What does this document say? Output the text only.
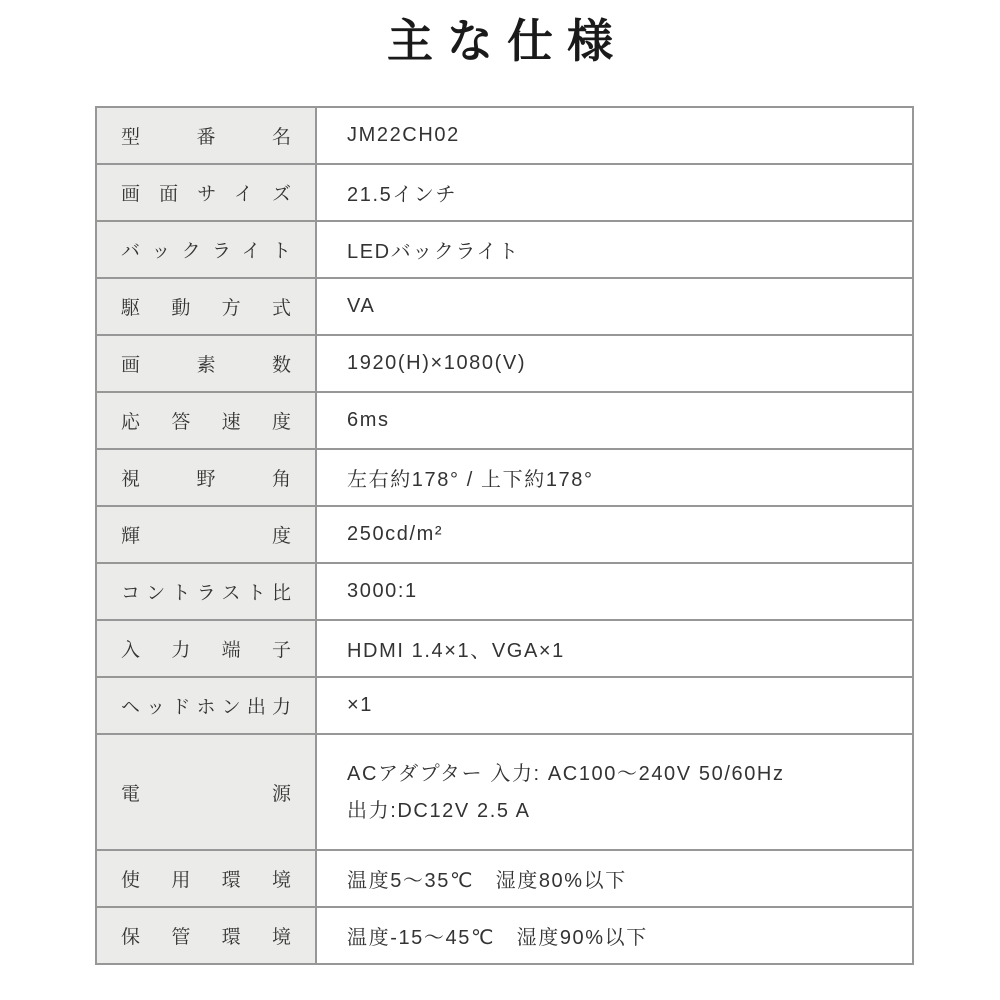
主な仕様
型番名	JM22CH02
画面サイズ	21.5インチ
バックライト	LEDバックライト
駆動方式	VA
画素数	1920(H)×1080(V)
応答速度	6ms
視野角	左右約178° / 上下約178°
輝度	250cd/m²
コントラスト比	3000:1
入力端子	HDMI 1.4×1、VGA×1
ヘッドホン出力	×1
電源	ACアダプター 入力: AC100〜240V 50/60Hz
出力:DC12V 2.5 A

使用環境	温度5〜35℃　湿度80%以下
保管環境	温度-15〜45℃　湿度90%以下
